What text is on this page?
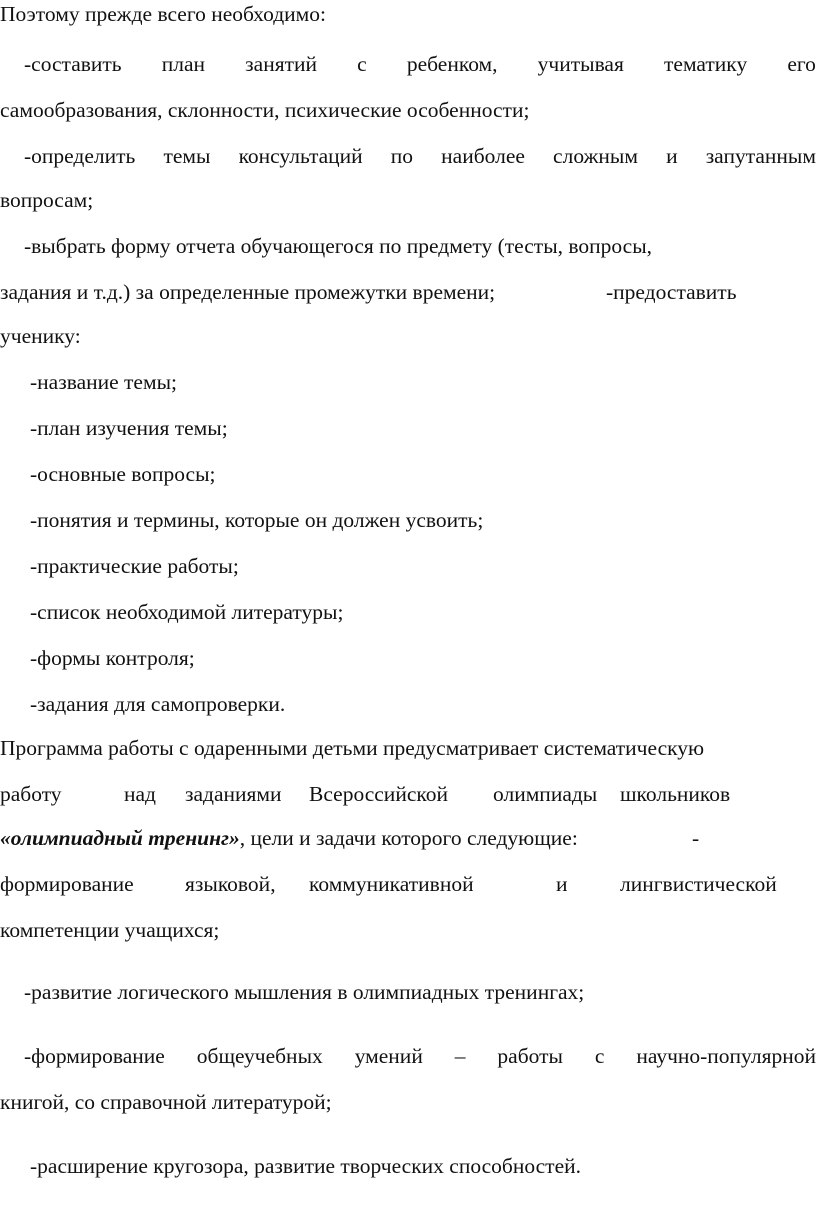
Поэтому прежде всего необходимо:
-составить план занятий с ребенком, учитывая тематику его
самообразования, склонности, психические особенности;
-определить темы консультаций по наиболее сложным и запутанным
вопросам;
-выбрать форму отчета обучающегося по предмету (тесты, вопросы,
задания и т.д.) за определенные промежутки времени;	-предоставить
ученику:
-название темы;
-план изучения темы;
-основные вопросы;
-понятия и термины, которые он должен усвоить;
-практические работы;
-список необходимой литературы;
-формы контроля;
-задания для самопроверки.
Программа работы с одаренными детьми предусматривает систематическую
работу	над заданиями Всероссийской олимпиады школьников
«олимпиадный тренинг», цели и задачи которого следующие:	-
формирование языковой, коммуникативной	и лингвистической
компетенции учащихся;
-развитие логического мышления в олимпиадных тренингах;
-формирование общеучебных умений – работы с научно-популярной
книгой, со справочной литературой;
-расширение кругозора, развитие творческих способностей.
